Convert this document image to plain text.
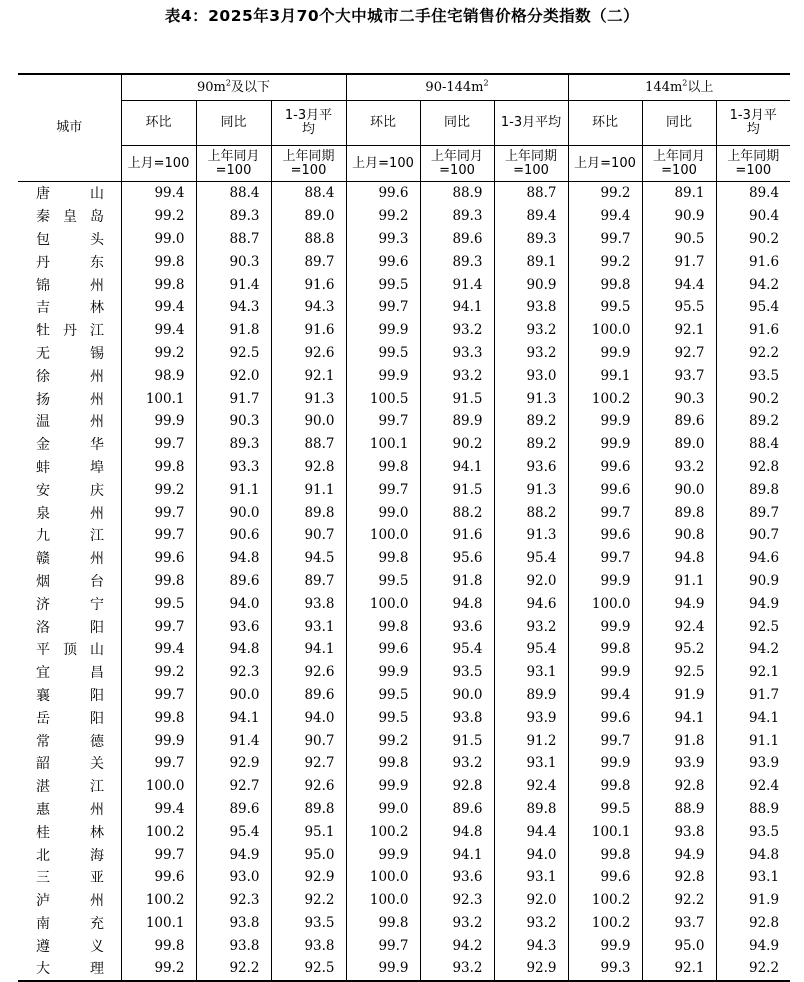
表4：2025年3月70个大中城市二手住宅销售价格分类指数（二）
城市	$90m^2$及以下			$90-144m^2$			$144m^2$以上		
	环比	同比	1-3月平均	环比	同比	1-3月平均	环比	同比	1-3月平均
	上月=100	上年同月=100	上年同期=100	上月=100	上年同月=100	上年同期=100	上月=100	上年同月=100	上年同期=100

唐 山	99.4	88.4	88.4	99.6	88.9	88.7	99.2	89.1	89.4

秦 皇 岛	99.2	89.3	89.0	99.2	89.3	89.4	99.4	90.9	90.4

包 头	99.0	88.7	88.8	99.3	89.6	89.3	99.7	90.5	90.2

丹 东	99.8	90.3	89.7	99.6	89.3	89.1	99.2	91.7	91.6

锦 州	99.8	91.4	91.6	99.5	91.4	90.9	99.8	94.4	94.2

吉 林	99.4	94.3	94.3	99.7	94.1	93.8	99.5	95.5	95.4

牡 丹 江	99.4	91.8	91.6	99.9	93.2	93.2	100.0	92.1	91.6

无 锡	99.2	92.5	92.6	99.5	93.3	93.2	99.9	92.7	92.2

徐 州	98.9	92.0	92.1	99.9	93.2	93.0	99.1	93.7	93.5

扬 州	100.1	91.7	91.3	100.5	91.5	91.3	100.2	90.3	90.2

温 州	99.9	90.3	90.0	99.7	89.9	89.2	99.9	89.6	89.2

金 华	99.7	89.3	88.7	100.1	90.2	89.2	99.9	89.0	88.4

蚌 埠	99.8	93.3	92.8	99.8	94.1	93.6	99.6	93.2	92.8

安 庆	99.2	91.1	91.1	99.7	91.5	91.3	99.6	90.0	89.8

泉 州	99.7	90.0	89.8	99.0	88.2	88.2	99.7	89.8	89.7

九 江	99.7	90.6	90.7	100.0	91.6	91.3	99.6	90.8	90.7

赣 州	99.6	94.8	94.5	99.8	95.6	95.4	99.7	94.8	94.6

烟 台	99.8	89.6	89.7	99.5	91.8	92.0	99.9	91.1	90.9

济 宁	99.5	94.0	93.8	100.0	94.8	94.6	100.0	94.9	94.9

洛 阳	99.7	93.6	93.1	99.8	93.6	93.2	99.9	92.4	92.5

平 顶 山	99.4	94.8	94.1	99.6	95.4	95.4	99.8	95.2	94.2

宜 昌	99.2	92.3	92.6	99.9	93.5	93.1	99.9	92.5	92.1

襄 阳	99.7	90.0	89.6	99.5	90.0	89.9	99.4	91.9	91.7

岳 阳	99.8	94.1	94.0	99.5	93.8	93.9	99.6	94.1	94.1

常 德	99.9	91.4	90.7	99.2	91.5	91.2	99.7	91.8	91.1

韶 关	99.7	92.9	92.7	99.8	93.2	93.1	99.9	93.9	93.9

湛 江	100.0	92.7	92.6	99.9	92.8	92.4	99.8	92.8	92.4

惠 州	99.4	89.6	89.8	99.0	89.6	89.8	99.5	88.9	88.9

桂 林	100.2	95.4	95.1	100.2	94.8	94.4	100.1	93.8	93.5

北 海	99.7	94.9	95.0	99.9	94.1	94.0	99.8	94.9	94.8

三 亚	99.6	93.0	92.9	100.0	93.6	93.1	99.6	92.8	93.1

泸 州	100.2	92.3	92.2	100.0	92.3	92.0	100.2	92.2	91.9

南 充	100.1	93.8	93.5	99.8	93.2	93.2	100.2	93.7	92.8

遵 义	99.8	93.8	93.8	99.7	94.2	94.3	99.9	95.0	94.9

大 理	99.2	92.2	92.5	99.9	93.2	92.9	99.3	92.1	92.2
